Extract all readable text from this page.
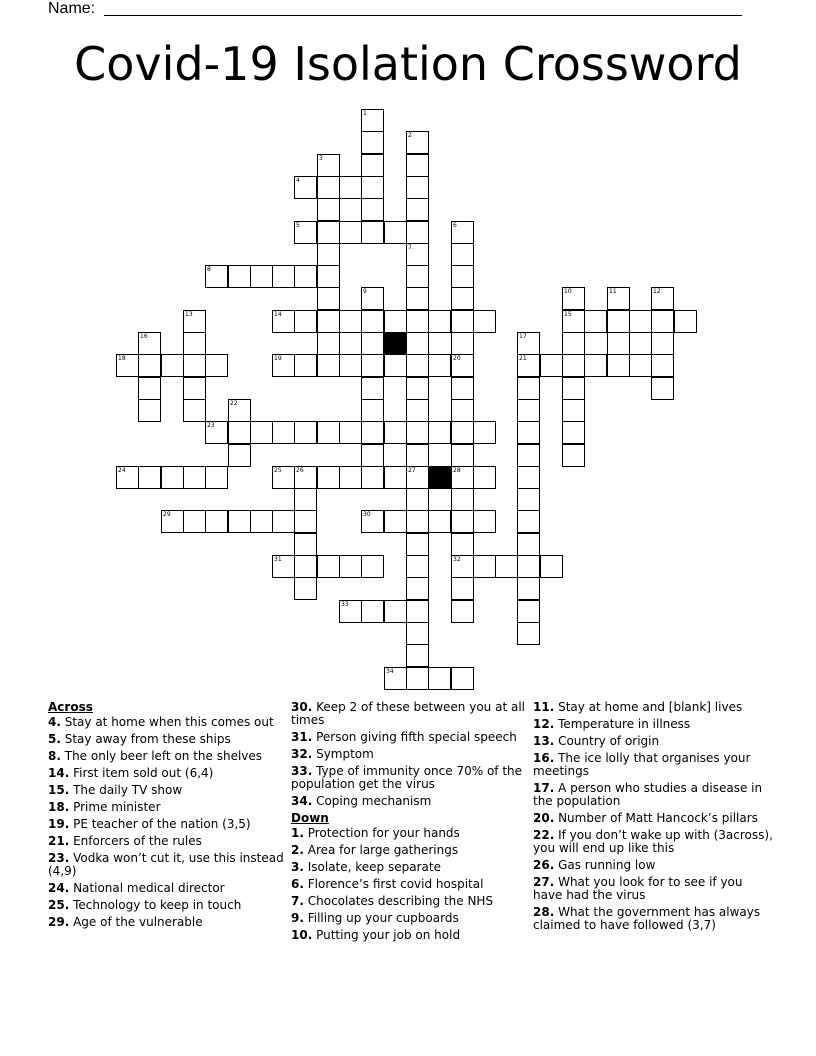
Name:
Covid-19 Isolation Crossword
4
5
8
14	15
18	19	21
23
24	25 26	27	28
29	30
31	32
33
34
1
2
3
6
7
9	10	11	12
13
16	17
20
22
Across
4. Stay at home when this comes out
5. Stay away from these ships
8. The only beer left on the shelves
14. First item sold out (6,4)
15. The daily TV show
18. Prime minister
19. PE teacher of the nation (3,5)
21. Enforcers of the rules
23. Vodka won’t cut it, use this instead (4,9)
24. National medical director
25. Technology to keep in touch
29. Age of the vulnerable
30. Keep 2 of these between you at all times
31. Person giving fifth special speech
32. Symptom
33. Type of immunity once 70% of the population get the virus
34. Coping mechanism
Down
1. Protection for your hands
2. Area for large gatherings
3. Isolate, keep separate
6. Florence’s first covid hospital
7. Chocolates describing the NHS
9. Filling up your cupboards
10. Putting your job on hold
11. Stay at home and [blank] lives
12. Temperature in illness
13. Country of origin
16. The ice lolly that organises your meetings
17. A person who studies a disease in the population
20. Number of Matt Hancock’s pillars
22. If you don’t wake up with (3across), you will end up like this
26. Gas running low
27. What you look for to see if you have had the virus
28. What the government has always claimed to have followed (3,7)
